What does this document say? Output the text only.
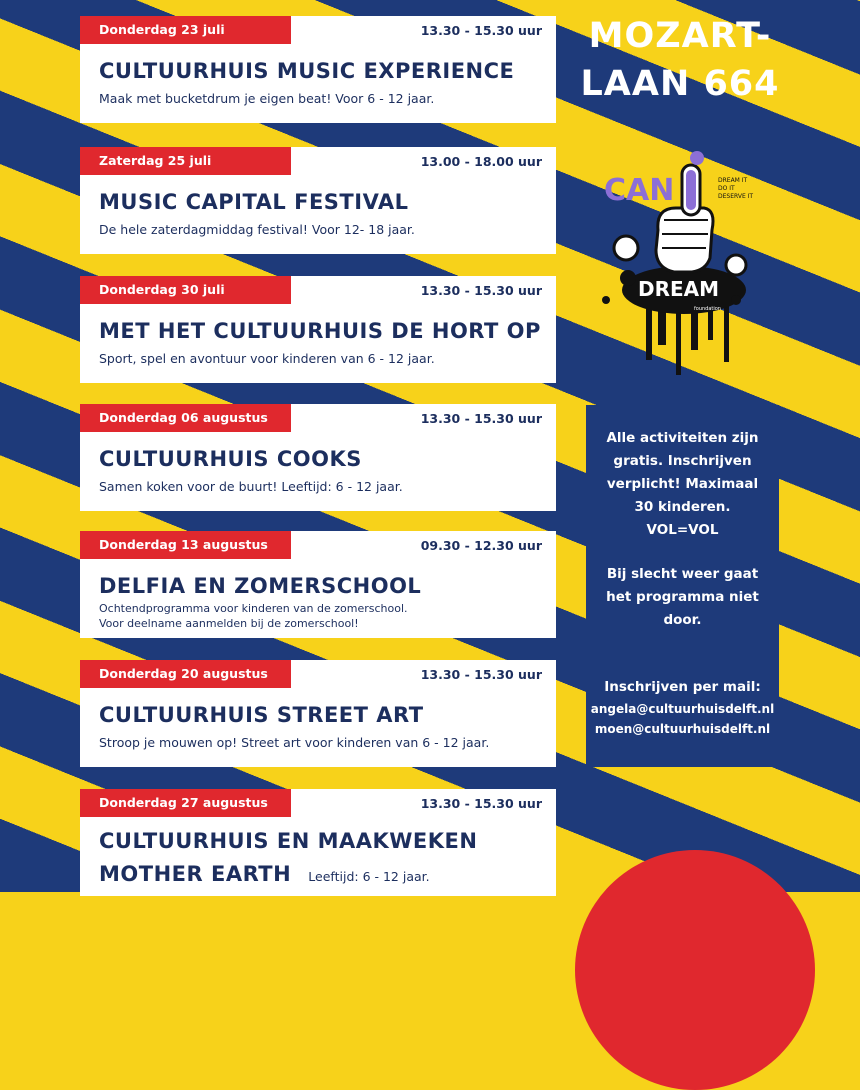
Donderdag 23 juli	13.30 - 15.30 uur
CULTUURHUIS MUSIC EXPERIENCE
Maak met bucketdrum je eigen beat! Voor 6 - 12 jaar.
Zaterdag 25 juli	13.00 - 18.00 uur
MUSIC CAPITAL FESTIVAL
De hele zaterdagmiddag festival! Voor 12- 18 jaar.
Donderdag 30 juli	13.30 - 15.30 uur
MET HET CULTUURHUIS DE HORT OP
Sport, spel en avontuur voor kinderen van 6 - 12 jaar.
Donderdag 06 augustus	13.30 - 15.30 uur
CULTUURHUIS COOKS
Samen koken voor de buurt! Leeftijd: 6 - 12 jaar.
Donderdag 13 augustus	09.30 - 12.30 uur
DELFIA EN ZOMERSCHOOL
Ochtendprogramma voor kinderen van de zomerschool.
Voor deelname aanmelden bij de zomerschool!
Donderdag 20 augustus	13.30 - 15.30 uur
CULTUURHUIS STREET ART
Stroop je mouwen op! Street art voor kinderen van 6 - 12 jaar.
Donderdag 27 augustus	13.30 - 15.30 uur
CULTUURHUIS EN MAAKWEKEN
MOTHER EARTH Leeftijd: 6 - 12 jaar.
MOZART-
LAAN 664
CAN	DREAM IT
DO IT
DESERVE IT
DREAM
foundation

Alle activiteiten zijn

gratis. Inschrijven

verplicht! Maximaal

30 kinderen.

VOL=VOL

Bij slecht weer gaat

het programma niet

door.

Inschrijven per mail:

angela@cultuurhuisdelft.nl

moen@cultuurhuisdelft.nl
